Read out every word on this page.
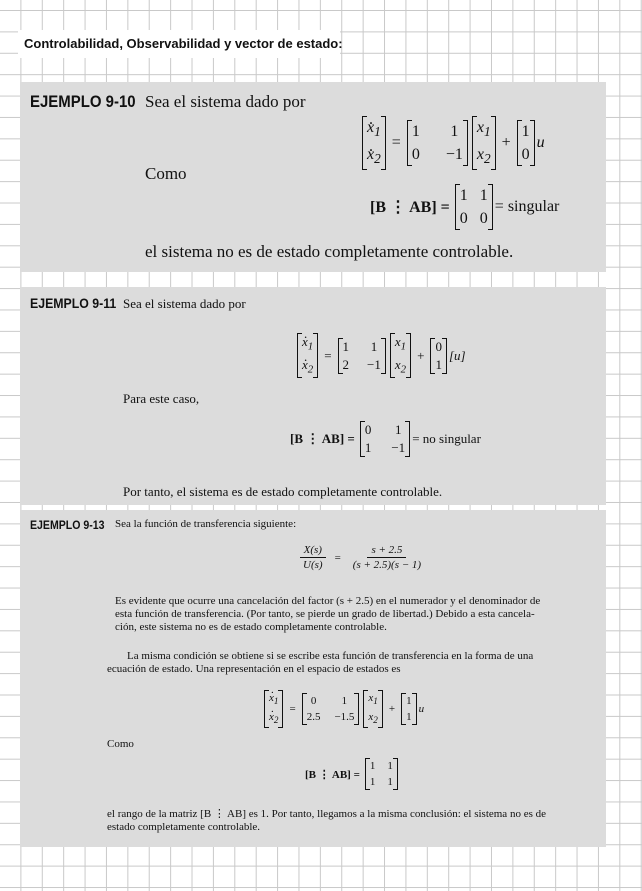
Controlabilidad, Observabilidad y vector de estado:
EJEMPLO 9-10 Sea el sistema dado por
. $x_1$
. $x_2$
=
1 1
0 −1
$x_1$
$x_2$
+
1
0
u
Como
[B ⋮ AB] =
1 1
0 0
= singular
el sistema no es de estado completamente controlable.
EJEMPLO 9-11 Sea el sistema dado por
. $x_1$
. $x_2$
=
1 1
2 −1
$x_1$
$x_2$
+
0
1
[u]
Para este caso,
[B ⋮ AB] =
0 1
1 −1
= no singular
Por tanto, el sistema es de estado completamente controlable.
EJEMPLO 9-13 Sea la función de transferencia siguiente:
$\frac{X(s)}{U(s)} = \frac{s + 2.5}{(s + 2.5)(s - 1)}$
Es evidente que ocurre una cancelación del factor (s + 2.5) en el numerador y el denominador de
esta función de transferencia. (Por tanto, se pierde un grado de libertad.) Debido a esta cancela-
ción, este sistema no es de estado completamente controlable.
La misma condición se obtiene si se escribe esta función de transferencia en la forma de una
ecuación de estado. Una representación en el espacio de estados es
. $x_1$
. $x_2$
=
0 1
2.5 −1.5
$x_1$
$x_2$
+
1
1
u
Como
[B ⋮ AB] =
1 1
1 1
el rango de la matriz [B ⋮ AB] es 1. Por tanto, llegamos a la misma conclusión: el sistema no es de
estado completamente controlable.
